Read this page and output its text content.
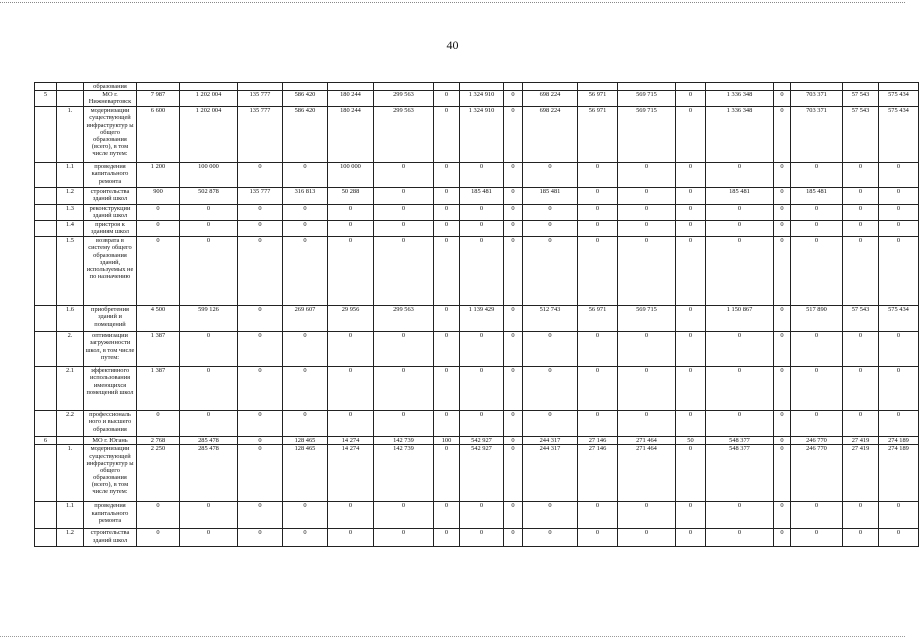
40
		образования																		
5		МО г. Нижневартовск	7 987	1 202 004	135 777	586 420	180 244	299 563	0	1 324 910	0	698 224	56 971	569 715	0	1 336 348	0	703 371	57 543	575 434
	1.	модернизации существующей инфраструктур ы общего образования (всего), в том числе путем:	6 600	1 202 004	135 777	586 420	180 244	299 563	0	1 324 910	0	698 224	56 971	569 715	0	1 336 348	0	703 371	57 543	575 434
	1.1	проведения капитального ремонта	1 200	100 000	0	0	100 000	0	0	0	0	0	0	0	0	0	0	0	0	0
	1.2	строительства зданий школ	900	502 878	135 777	316 813	50 288	0	0	185 481	0	185 481	0	0	0	185 481	0	185 481	0	0
	1.3	реконструкции зданий школ	0	0	0	0	0	0	0	0	0	0	0	0	0	0	0	0	0	0
	1.4	пристроя к зданиям школ	0	0	0	0	0	0	0	0	0	0	0	0	0	0	0	0	0	0
	1.5	возврата в систему общего образования зданий, используемых не по назначению	0	0	0	0	0	0	0	0	0	0	0	0	0	0	0	0	0	0
	1.6	приобретения зданий и помещений	4 500	599 126	0	269 607	29 956	299 563	0	1 139 429	0	512 743	56 971	569 715	0	1 150 867	0	517 890	57 543	575 434
	2.	оптимизации загруженности школ, в том числе путем:	1 387	0	0	0	0	0	0	0	0	0	0	0	0	0	0	0	0	0
	2.1	эффективного использования имеющихся помещений школ	1 387	0	0	0	0	0	0	0	0	0	0	0	0	0	0	0	0	0
	2.2	профессиональ ного и высшего образования	0	0	0	0	0	0	0	0	0	0	0	0	0	0	0	0	0	0
6		МО г. Югань	2 768	285 478	0	128 465	14 274	142 739	100	542 927	0	244 317	27 146	271 464	50	548 377	0	246 770	27 419	274 189
	1.	модернизации существующей инфраструктур ы общего образования (всего), в том числе путем:	2 250	285 478	0	128 465	14 274	142 739	0	542 927	0	244 317	27 146	271 464	0	548 377	0	246 770	27 419	274 189
	1.1	проведения капитального ремонта	0	0	0	0	0	0	0	0	0	0	0	0	0	0	0	0	0	0
	1.2	строительства зданий школ	0	0	0	0	0	0	0	0	0	0	0	0	0	0	0	0	0	0
